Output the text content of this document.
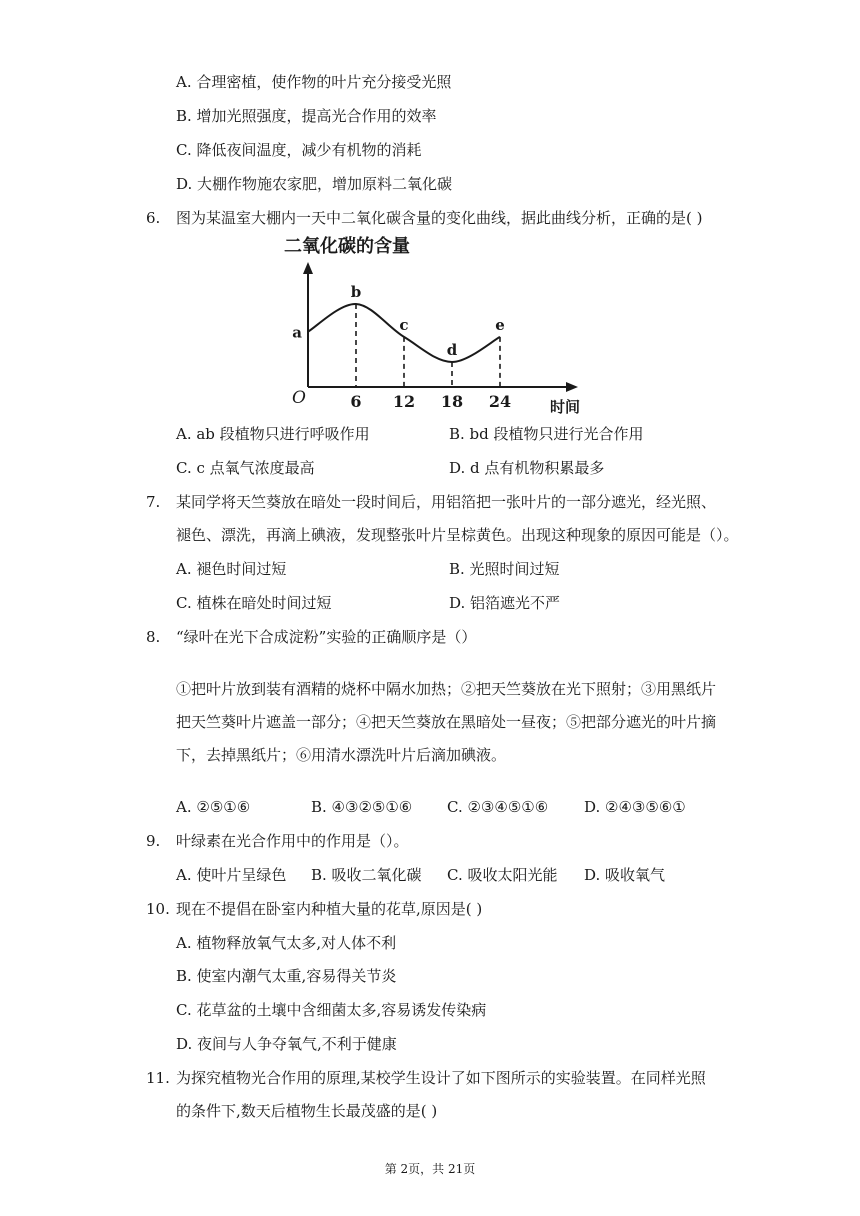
A. 合理密植，使作物的叶片充分接受光照
B. 增加光照强度，提高光合作用的效率
C. 降低夜间温度，减少有机物的消耗
D. 大棚作物施农家肥，增加原料二氧化碳
6. 图为某温室大棚内一天中二氧化碳含量的变化曲线，据此曲线分析，正确的是( )
二氧化碳的含量
O	时间
a
b
c
d
e
6 12 18 24
A. ab 段植物只进行呼吸作用	B. bd 段植物只进行光合作用
C. c 点氧气浓度最高	D. d 点有机物积累最多
7. 某同学将天竺葵放在暗处一段时间后，用铝箔把一张叶片的一部分遮光，经光照、
褪色、漂洗，再滴上碘液，发现整张叶片呈棕黄色。出现这种现象的原因可能是（）。
A. 褪色时间过短	B. 光照时间过短
C. 植株在暗处时间过短	D. 铝箔遮光不严
8. “绿叶在光下合成淀粉”实验的正确顺序是（）
①把叶片放到装有酒精的烧杯中隔水加热；②把天竺葵放在光下照射；③用黑纸片
把天竺葵叶片遮盖一部分；④把天竺葵放在黑暗处一昼夜；⑤把部分遮光的叶片摘
下，去掉黑纸片；⑥用清水漂洗叶片后滴加碘液。
A. ②⑤①⑥	B. ④③②⑤①⑥ C. ②③④⑤①⑥ D. ②④③⑤⑥①
9. 叶绿素在光合作用中的作用是（）。
A. 使叶片呈绿色 B. 吸收二氧化碳 C. 吸收太阳光能 D. 吸收氧气
10. 现在不提倡在卧室内种植大量的花草,原因是( )
A. 植物释放氧气太多,对人体不利
B. 使室内潮气太重,容易得关节炎
C. 花草盆的土壤中含细菌太多,容易诱发传染病
D. 夜间与人争夺氧气,不利于健康
11. 为探究植物光合作用的原理,某校学生设计了如下图所示的实验装置。在同样光照
的条件下,数天后植物生长最茂盛的是( )
第 2页，共 21页
